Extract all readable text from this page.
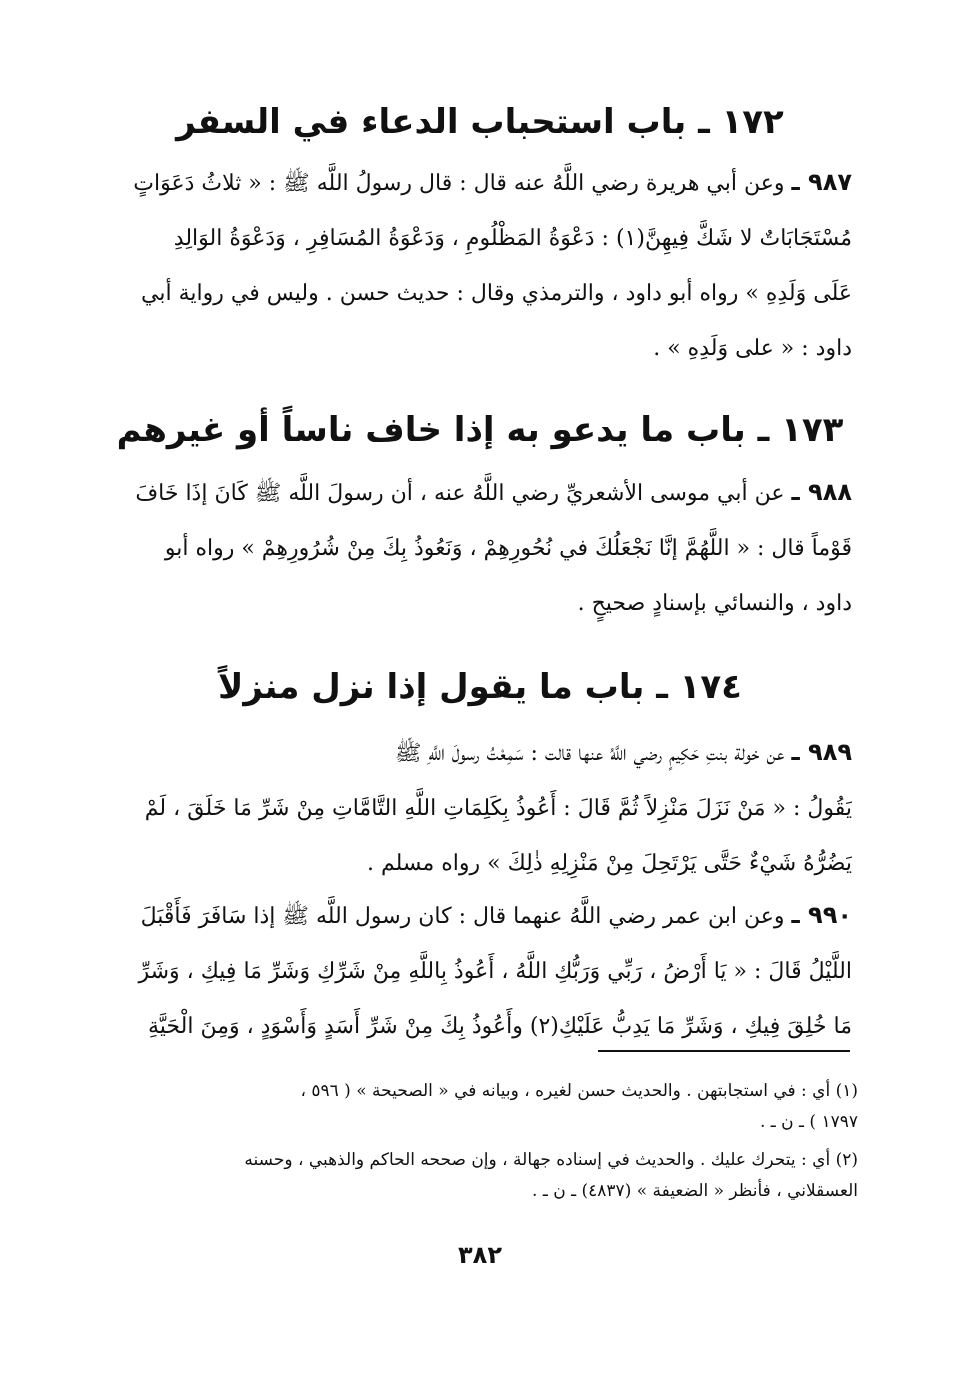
١٧٢ ـ باب استحباب الدعاء في السفر
٩٨٧ ـ وعن أبي هريرة رضي اللَّهُ عنه قال : قال رسولُ اللَّه ﷺ : « ثلاثُ دَعَوَاتٍ
مُسْتَجَابَاتٌ لا شَكَّ فِيهِنَّ(١) : دَعْوَةُ المَظْلُومِ ، وَدَعْوَةُ المُسَافِرِ ، وَدَعْوَةُ الوَالِدِ
عَلَى وَلَدِهِ » رواه أبو داود ، والترمذي وقال : حديث حسن . وليس في رواية أبي
داود : « على وَلَدِهِ » .
١٧٣ ـ باب ما يدعو به إذا خاف ناساً أو غيرهم
٩٨٨ ـ عن أبي موسى الأشعريِّ رضي اللَّهُ عنه ، أن رسولَ اللَّه ﷺ كَانَ إذَا خَافَ
قَوْماً قال : « اللَّهُمَّ إنَّا نَجْعَلُكَ في نُحُورِهِمْ ، وَنَعُوذُ بِكَ مِنْ شُرُورِهِمْ » رواه أبو
داود ، والنسائي بإسنادٍ صحيحٍ .
١٧٤ ـ باب ما يقول إذا نزل منزلاً
٩٨٩ ـ عن خولة بنتِ حَكِيمٍ رضي اللَّهُ عنها قالت : سَمِعْتُ رسولَ اللَّهِ ﷺ
يَقُولُ : « مَنْ نَزَلَ مَنْزِلاً ثُمَّ قَالَ : أَعُوذُ بِكَلِمَاتِ اللَّهِ التَّامَّاتِ مِنْ شَرِّ مَا خَلَقَ ، لَمْ
يَضُرُّهُ شَيْءٌ حَتَّى يَرْتَحِلَ مِنْ مَنْزِلِهِ ذٰلِكَ » رواه مسلم .
٩٩٠ ـ وعن ابن عمر رضي اللَّهُ عنهما قال : كان رسول اللَّه ﷺ إذا سَافَرَ فَأَقْبَلَ
اللَّيْلُ قَالَ : « يَا أَرْضُ ، رَبِّي وَرَبُّكِ اللَّهُ ، أَعُوذُ بِاللَّهِ مِنْ شَرِّكِ وَشَرِّ مَا فِيكِ ، وَشَرِّ
مَا خُلِقَ فِيكِ ، وَشَرِّ مَا يَدِبُّ عَلَيْكِ(٢) وأَعُوذُ بِكَ مِنْ شَرِّ أَسَدٍ وَأَسْوَدٍ ، وَمِنَ الْحَيَّةِ
(١) أي : في استجابتهن . والحديث حسن لغيره ، وبيانه في « الصحيحة » ( ٥٩٦ ،
١٧٩٧ ) ـ ن ـ .
(٢) أي : يتحرك عليك . والحديث في إسناده جهالة ، وإن صححه الحاكم والذهبي ، وحسنه
العسقلاني ، فأنظر « الضعيفة » (٤٨٣٧) ـ ن ـ .
٣٨٢
